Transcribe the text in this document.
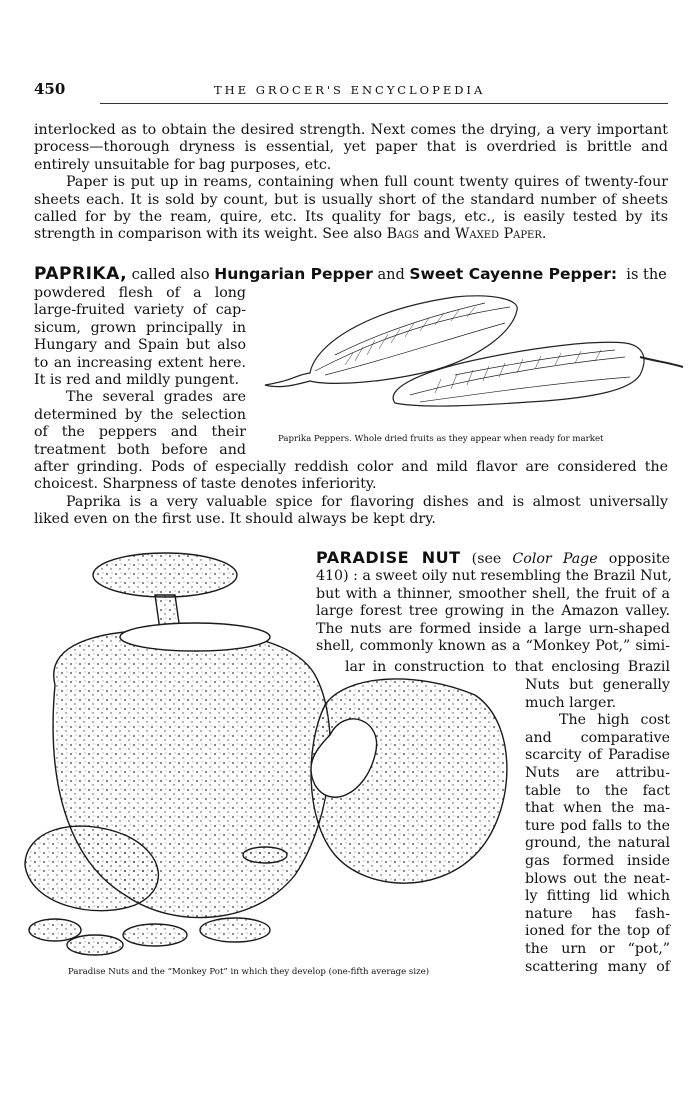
450	THE GROCER'S ENCYCLOPEDIA
interlocked as to obtain the desired strength. Next comes the drying, a very important
process—thorough dryness is essential, yet paper that is overdried is brittle and
entirely unsuitable for bag purposes, etc.
Paper is put up in reams, containing when full count twenty quires of twenty-four
sheets each. It is sold by count, but is usually short of the standard number of sheets
called for by the ream, quire, etc. Its quality for bags, etc., is easily tested by its
strength in comparison with its weight. See also Bags and Waxed Paper.
PAPRIKA, called also Hungarian Pepper and Sweet Cayenne Pepper:  is the
powdered flesh of a long
large-fruited variety of cap-
sicum, grown principally in
Hungary and Spain but also
to an increasing extent here.
It is red and mildly pungent.
The several grades are
determined by the selection
of the peppers and their
treatment both before and
Paprika Peppers. Whole dried fruits as they appear when ready for market
after grinding. Pods of especially reddish color and mild flavor are considered the
choicest. Sharpness of taste denotes inferiority.
Paprika is a very valuable spice for flavoring dishes and is almost universally
liked even on the first use. It should always be kept dry.
Paradise Nuts and the “Monkey Pot” in which they develop (one-fifth average size)
PARADISE NUT (see Color Page opposite
410) : a sweet oily nut resembling the Brazil Nut,
but with a thinner, smoother shell, the fruit of a
large forest tree growing in the Amazon valley.
The nuts are formed inside a large urn-shaped
shell, commonly known as a “Monkey Pot,” simi-
lar in construction to that enclosing Brazil
Nuts but generally
much larger.
The high cost
and comparative
scarcity of Paradise
Nuts are attribu-
table to the fact
that when the ma-
ture pod falls to the
ground, the natural
gas formed inside
blows out the neat-
ly fitting lid which
nature has fash-
ioned for the top of
the urn or “pot,”
scattering many of
